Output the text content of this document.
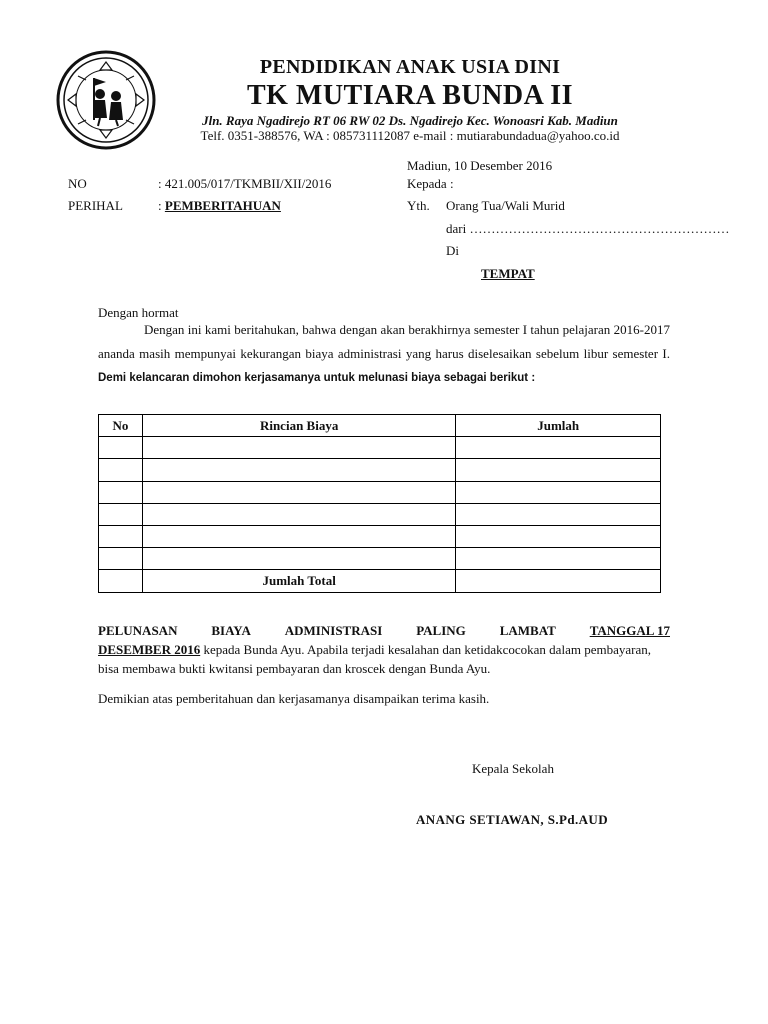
PENDIDIKAN ANAK USIA DINI
TK MUTIARA BUNDA II
Jln. Raya Ngadirejo RT 06 RW 02 Ds. Ngadirejo Kec. Wonoasri Kab. Madiun
Telf. 0351-388576, WA : 085731112087 e-mail : mutiarabundadua@yahoo.co.id
Madiun, 10 Desember 2016
NO	: 421.005/017/TKMBII/XII/2016
PERIHAL	: PEMBERITAHUAN
Kepada :
Yth. Orang Tua/Wali Murid
dari ……………………………………………………
Di
TEMPAT
Dengan hormat
Dengan ini kami beritahukan, bahwa dengan akan berakhirnya semester I tahun pelajaran 2016-2017 ananda masih mempunyai kekurangan biaya administrasi yang harus diselesaikan sebelum libur semester I. Demi kelancaran dimohon kerjasamanya untuk melunasi biaya sebagai berikut :
No	Rincian Biaya	Jumlah

	Jumlah Total	
PELUNASAN	BIAYA	ADMINISTRASI	PALING	LAMBAT	TANGGAL 17
DESEMBER 2016 kepada Bunda Ayu. Apabila terjadi kesalahan dan ketidakcocokan dalam pembayaran, bisa membawa bukti kwitansi pembayaran dan kroscek dengan Bunda Ayu.
Demikian atas pemberitahuan dan kerjasamanya disampaikan terima kasih.
Kepala Sekolah
ANANG SETIAWAN, S.Pd.AUD
